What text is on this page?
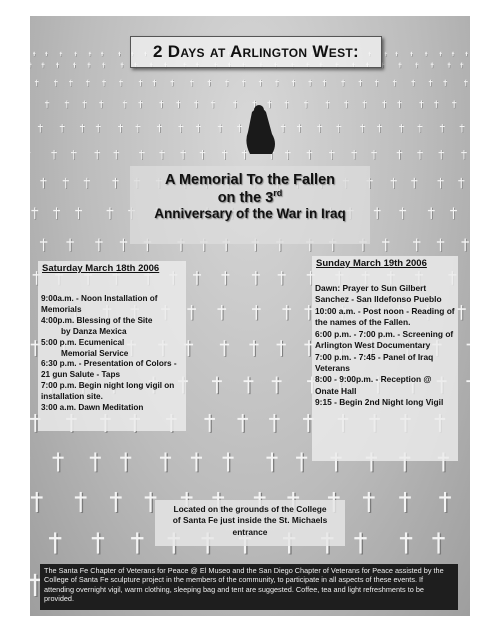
2 Days at Arlington West:
A Memorial To the Fallen
on the 3rd
Anniversary of the War in Iraq
Saturday March 18th 2006
9:00a.m. - Noon Installation of Memorials
4:00p.m. Blessing of the Site
by Danza Mexica
5:00 p.m. Ecumenical
Memorial Service
6:30 p.m. - Presentation of Colors - 21 gun Salute - Taps
7:00 p.m. Begin night long vigil on installation site.
3:00 a.m. Dawn Meditation
Sunday March 19th 2006
Dawn: Prayer to Sun Gilbert Sanchez - San Ildefonso Pueblo
10:00 a.m. - Post noon - Reading of the names of the Fallen.
6:00 p.m. - 7:00 p.m. - Screening of Arlington West Documentary
7:00 p.m. - 7:45 - Panel of Iraq Veterans
8:00 - 9:00p.m. - Reception @ Onate Hall
9:15 - Begin 2nd Night long Vigil
Located on the grounds of the College
of Santa Fe just inside the St. Michaels
entrance
The Santa Fe Chapter of Veterans for Peace @ El Museo and the San Diego Chapter of Veterans for Peace assisted by the College of Santa Fe sculpture project in the members of the community, to participate in all aspects of these events. If attending overnight vigil, warm clothing, sleeping bag and tent are suggested. Coffee, tea and light refreshments to be provided.
